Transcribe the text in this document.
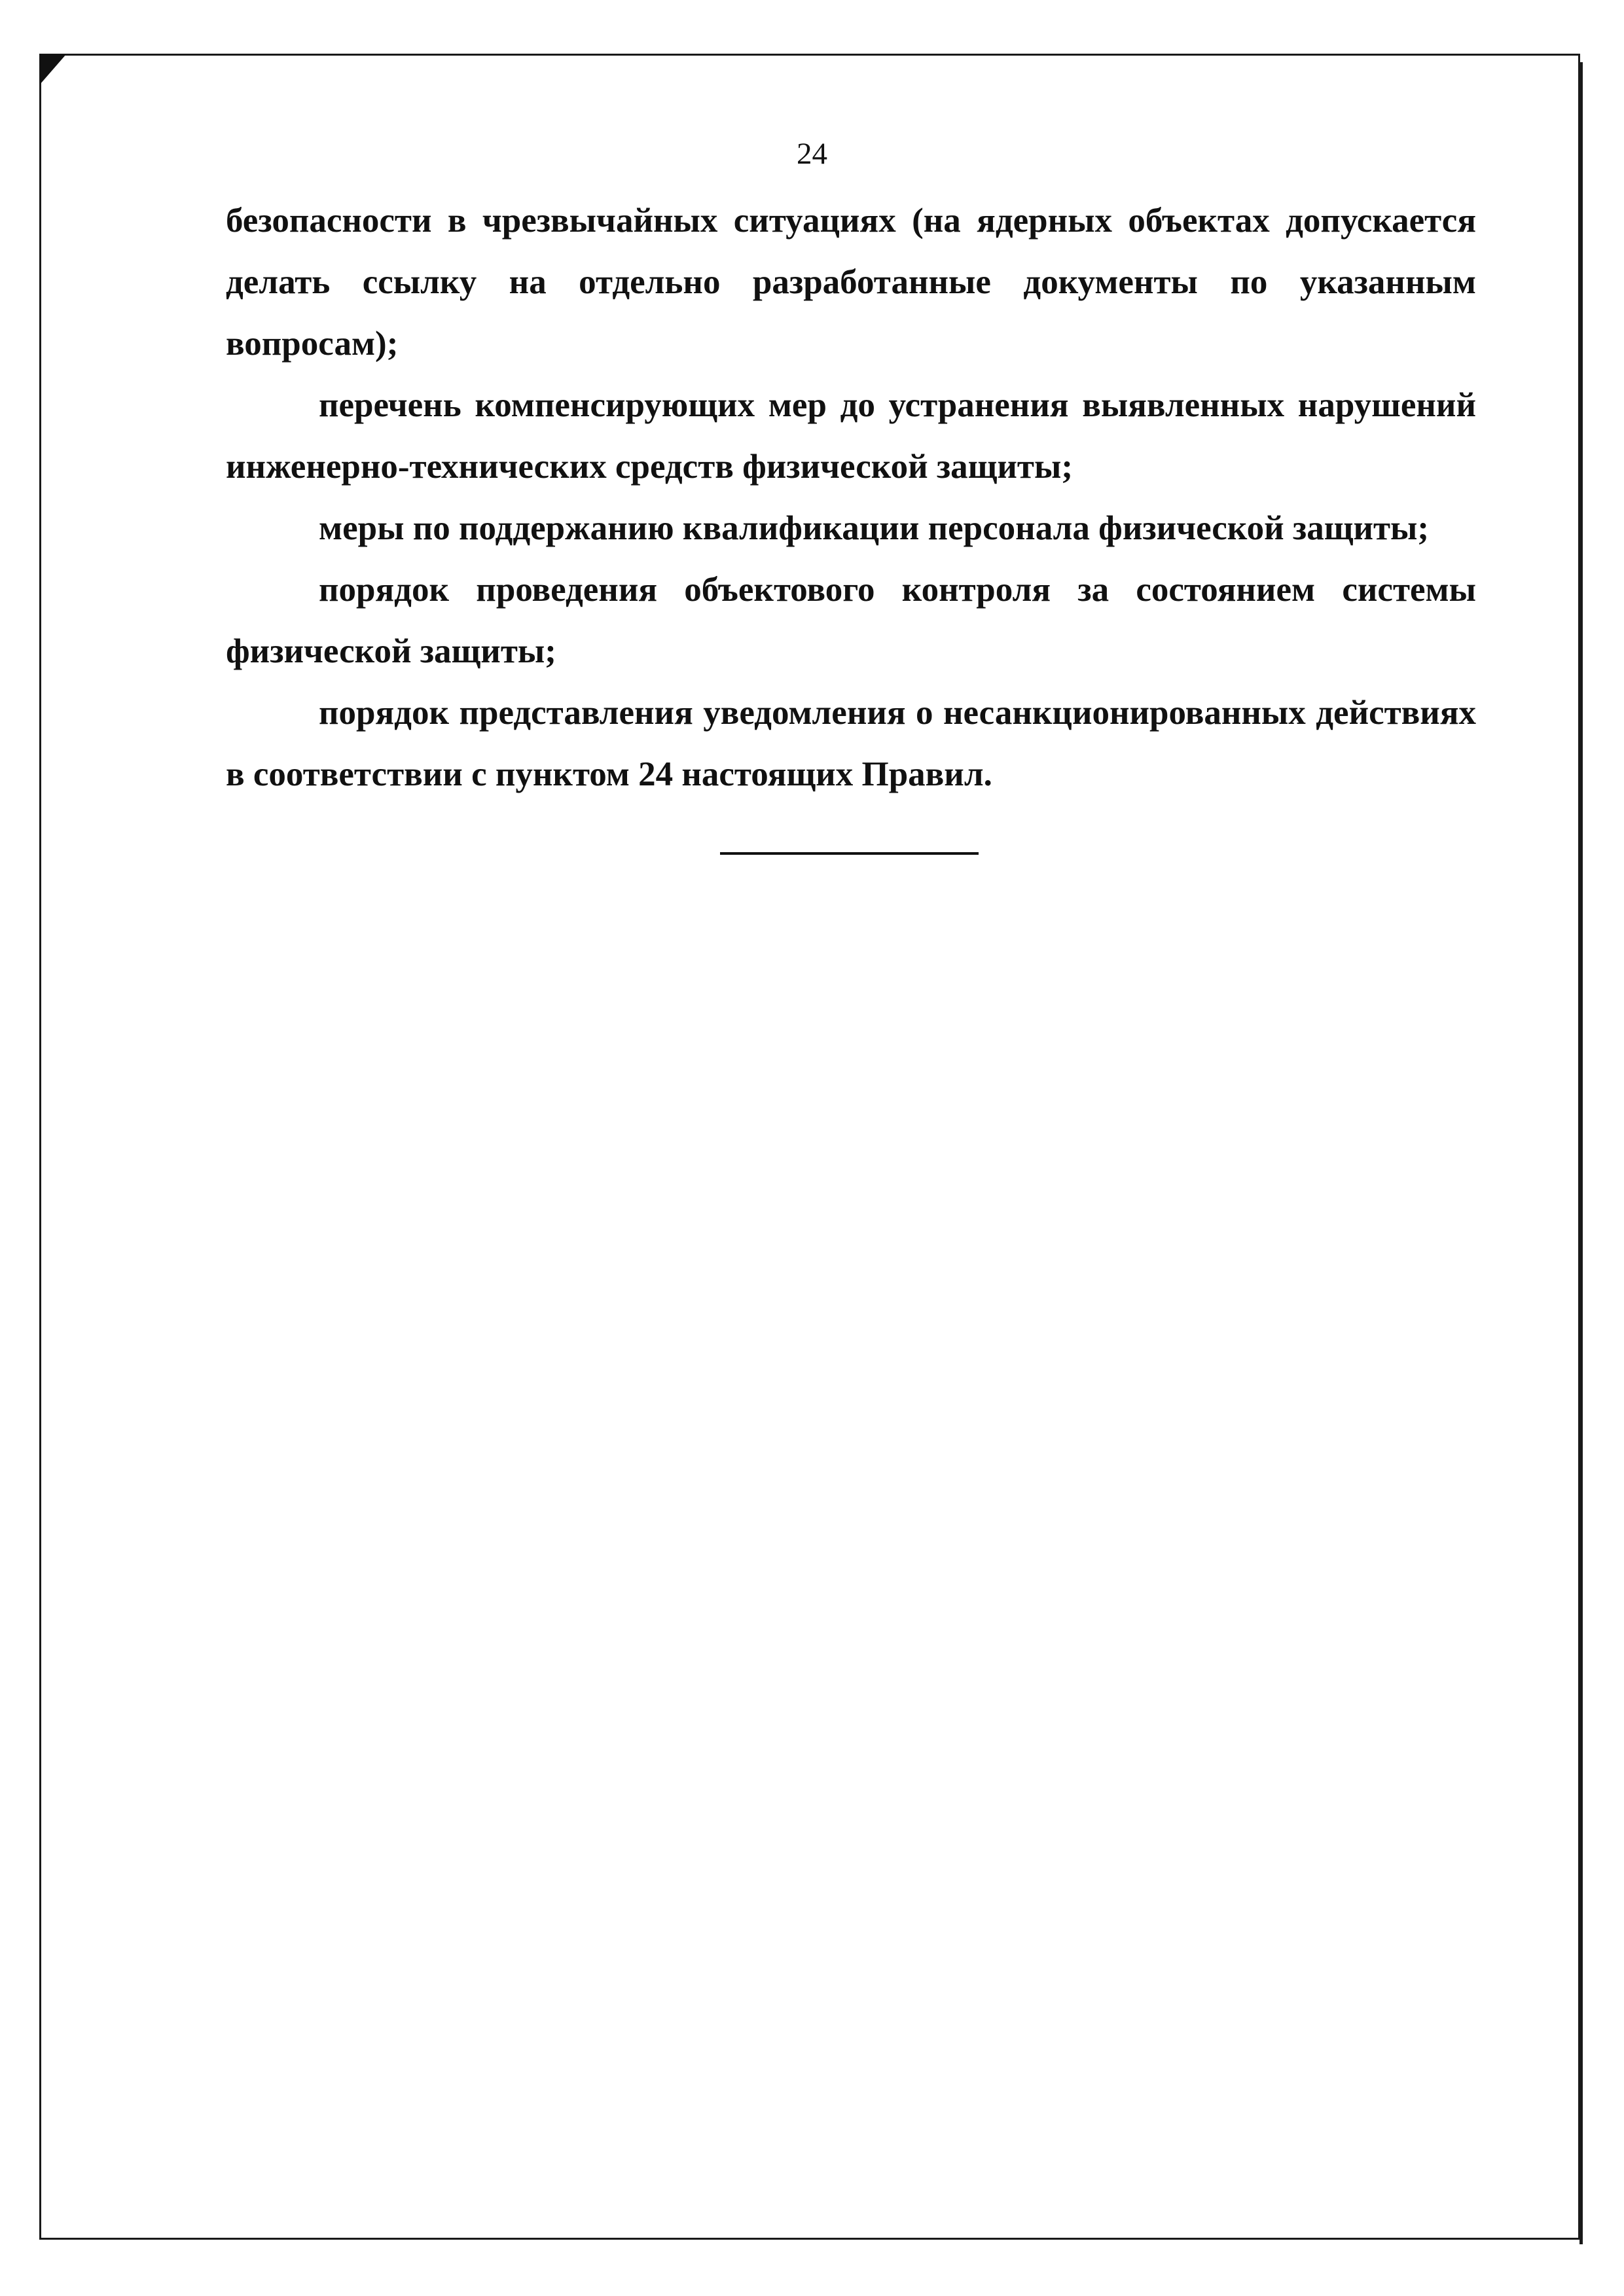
24

безопасности в чрезвычайных ситуациях (на ядерных объектах допускается делать ссылку на отдельно разработанные документы по указанным вопросам);

перечень компенсирующих мер до устранения выявленных нарушений инженерно-технических средств физической защиты;

меры по поддержанию квалификации персонала физической защиты;

порядок проведения объектового контроля за состоянием системы физической защиты;

порядок представления уведомления о несанкционированных действиях в соответствии с пунктом 24 настоящих Правил.
